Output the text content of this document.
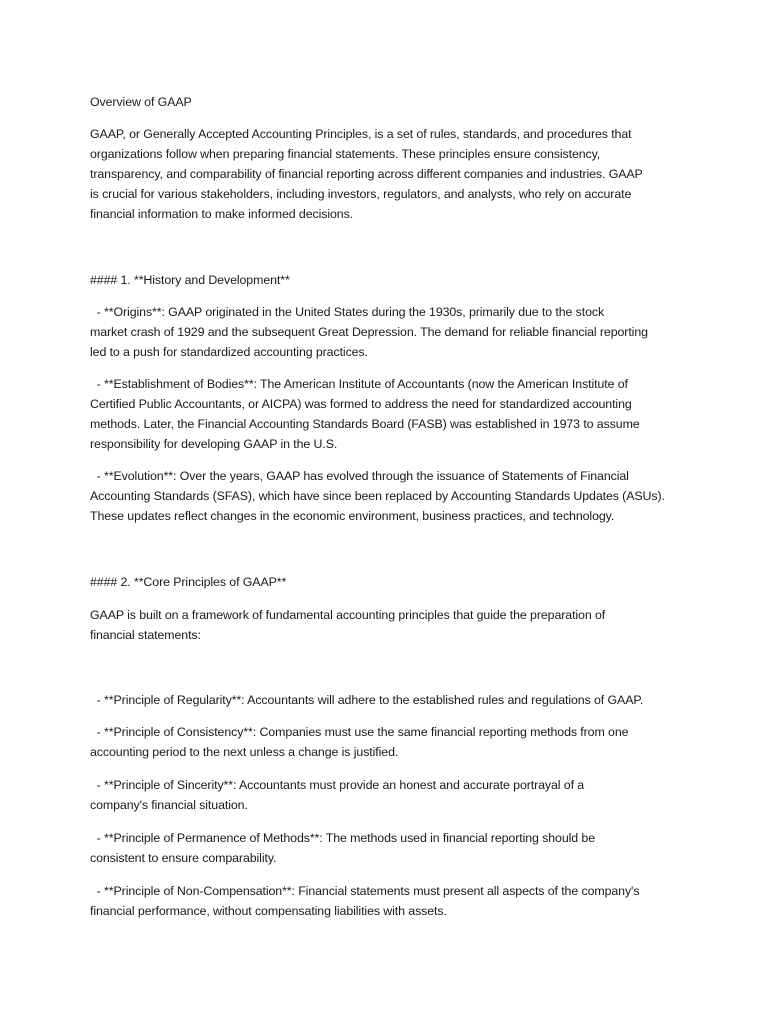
Overview of GAAP
GAAP, or Generally Accepted Accounting Principles, is a set of rules, standards, and procedures that
organizations follow when preparing financial statements. These principles ensure consistency,
transparency, and comparability of financial reporting across different companies and industries. GAAP
is crucial for various stakeholders, including investors, regulators, and analysts, who rely on accurate
financial information to make informed decisions.
#### 1. **History and Development**
- **Origins**: GAAP originated in the United States during the 1930s, primarily due to the stock
market crash of 1929 and the subsequent Great Depression. The demand for reliable financial reporting
led to a push for standardized accounting practices.
- **Establishment of Bodies**: The American Institute of Accountants (now the American Institute of
Certified Public Accountants, or AICPA) was formed to address the need for standardized accounting
methods. Later, the Financial Accounting Standards Board (FASB) was established in 1973 to assume
responsibility for developing GAAP in the U.S.
- **Evolution**: Over the years, GAAP has evolved through the issuance of Statements of Financial
Accounting Standards (SFAS), which have since been replaced by Accounting Standards Updates (ASUs).
These updates reflect changes in the economic environment, business practices, and technology.
#### 2. **Core Principles of GAAP**
GAAP is built on a framework of fundamental accounting principles that guide the preparation of
financial statements:
- **Principle of Regularity**: Accountants will adhere to the established rules and regulations of GAAP.
- **Principle of Consistency**: Companies must use the same financial reporting methods from one
accounting period to the next unless a change is justified.
- **Principle of Sincerity**: Accountants must provide an honest and accurate portrayal of a
company's financial situation.
- **Principle of Permanence of Methods**: The methods used in financial reporting should be
consistent to ensure comparability.
- **Principle of Non-Compensation**: Financial statements must present all aspects of the company's
financial performance, without compensating liabilities with assets.
